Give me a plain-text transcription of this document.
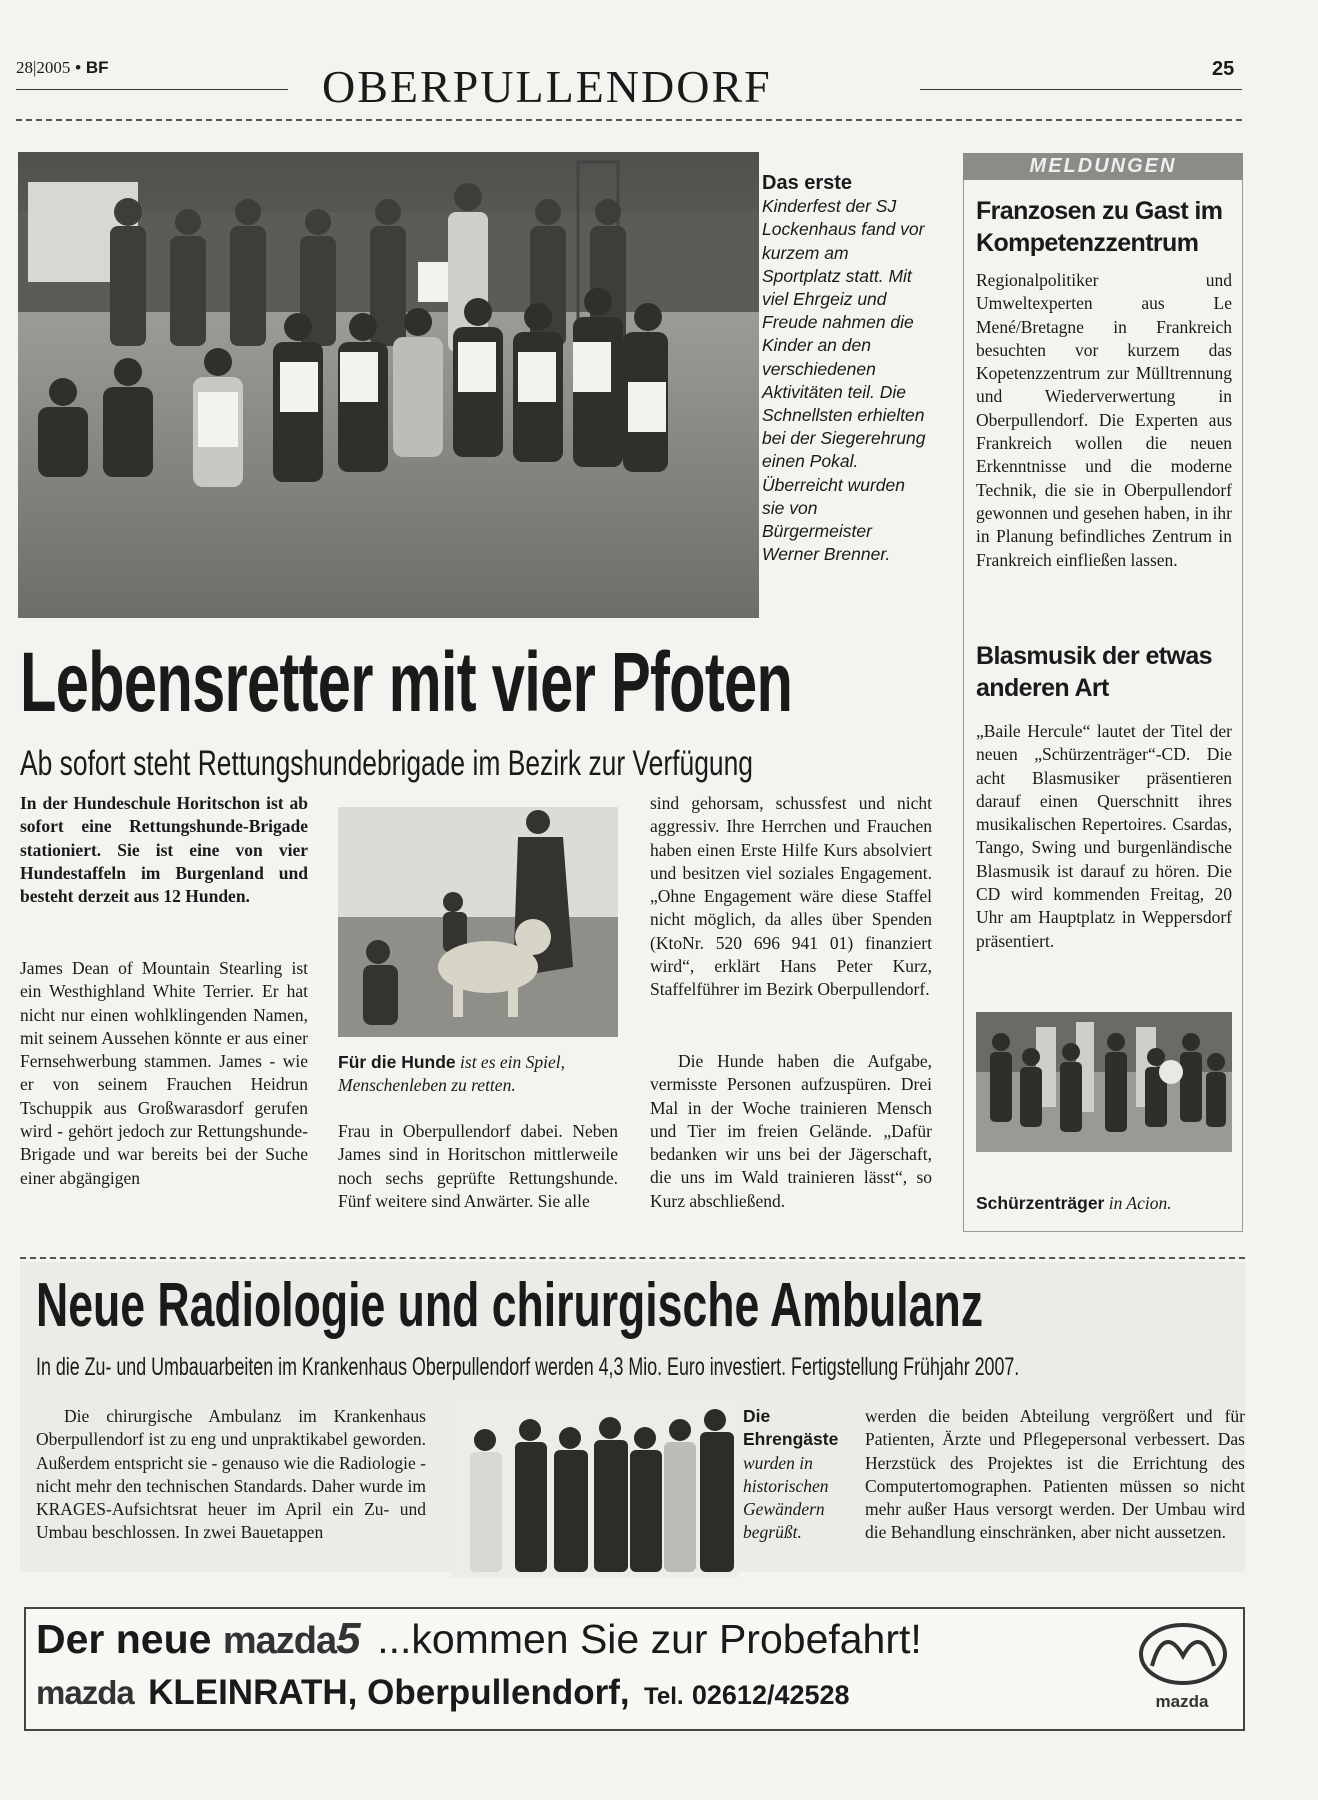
28|2005 • BF	OBERPULLENDORF	25
Das erste Kinderfest der SJ Lockenhaus fand vor kurzem am Sportplatz statt. Mit viel Ehrgeiz und Freude nahmen die Kinder an den verschiedenen Aktivitäten teil. Die Schnellsten erhielten bei der Siegerehrung einen Pokal. Überreicht wurden sie von Bürgermeister Werner Brenner.
MELDUNGEN
Franzosen zu Gast im Kompetenzzentrum
Regionalpolitiker und Umweltexperten aus Le Mené/Bretagne in Frankreich besuchten vor kurzem das Kopetenzzentrum zur Mülltrennung und Wiederverwertung in Oberpullendorf. Die Experten aus Frankreich wollen die neuen Erkenntnisse und die moderne Technik, die sie in Oberpullendorf gewonnen und gesehen haben, in ihr in Planung befindliches Zentrum in Frankreich einfließen lassen.
Blasmusik der etwas anderen Art
„Baile Hercule“ lautet der Titel der neuen „Schürzenträger“-CD. Die acht Blasmusiker präsentieren darauf einen Querschnitt ihres musikalischen Repertoires. Csardas, Tango, Swing und burgenländische Blasmusik ist darauf zu hören. Die CD wird kommenden Freitag, 20 Uhr am Hauptplatz in Weppersdorf präsentiert.
Schürzenträger in Acion.
Lebensretter mit vier Pfoten
Ab sofort steht Rettungshundebrigade im Bezirk zur Verfügung
In der Hundeschule Horitschon ist ab sofort eine Rettungshunde-Brigade stationiert. Sie ist eine von vier Hundestaffeln im Burgenland und besteht derzeit aus 12 Hunden.
James Dean of Mountain Stearling ist ein Westhighland White Terrier. Er hat nicht nur einen wohlklingenden Namen, mit seinem Aussehen könnte er aus einer Fernsehwerbung stammen. James - wie er von seinem Frauchen Heidrun Tschuppik aus Großwarasdorf gerufen wird - gehört jedoch zur Rettungshunde-Brigade und war bereits bei der Suche einer abgängigen
Für die Hunde ist es ein Spiel, Menschenleben zu retten.
Frau in Oberpullendorf dabei. Neben James sind in Horitschon mittlerweile noch sechs geprüfte Rettungshunde. Fünf weitere sind Anwärter. Sie alle
sind gehorsam, schussfest und nicht aggressiv. Ihre Herrchen und Frauchen haben einen Erste Hilfe Kurs absolviert und besitzen viel soziales Engagement. „Ohne Engagement wäre diese Staffel nicht möglich, da alles über Spenden (KtoNr. 520 696 941 01) finanziert wird“, erklärt Hans Peter Kurz, Staffelführer im Bezirk Oberpullendorf.
Die Hunde haben die Aufgabe, vermisste Personen aufzuspüren. Drei Mal in der Woche trainieren Mensch und Tier im freien Gelände. „Dafür bedanken wir uns bei der Jägerschaft, die uns im Wald trainieren lässt“, so Kurz abschließend.
Neue Radiologie und chirurgische Ambulanz
In die Zu- und Umbauarbeiten im Krankenhaus Oberpullendorf werden 4,3 Mio. Euro investiert. Fertigstellung Frühjahr 2007.
Die chirurgische Ambulanz im Krankenhaus Oberpullendorf ist zu eng und unpraktikabel geworden. Außerdem entspricht sie - genauso wie die Radiologie - nicht mehr den technischen Standards. Daher wurde im KRAGES-Aufsichtsrat heuer im April ein Zu- und Umbau beschlossen. In zwei Bauetappen
Die Ehrengäste wurden in historischen Gewändern begrüßt.
werden die beiden Abteilung vergrößert und für Patienten, Ärzte und Pflegepersonal verbessert. Das Herzstück des Projektes ist die Errichtung des Computertomographen. Patienten müssen so nicht mehr außer Haus versorgt werden. Der Umbau wird die Behandlung einschränken, aber nicht aussetzen.
Der neue mazda5 ...kommen Sie zur Probefahrt!
mazda KLEINRATH, Oberpullendorf, Tel. 02612/42528	mazda
